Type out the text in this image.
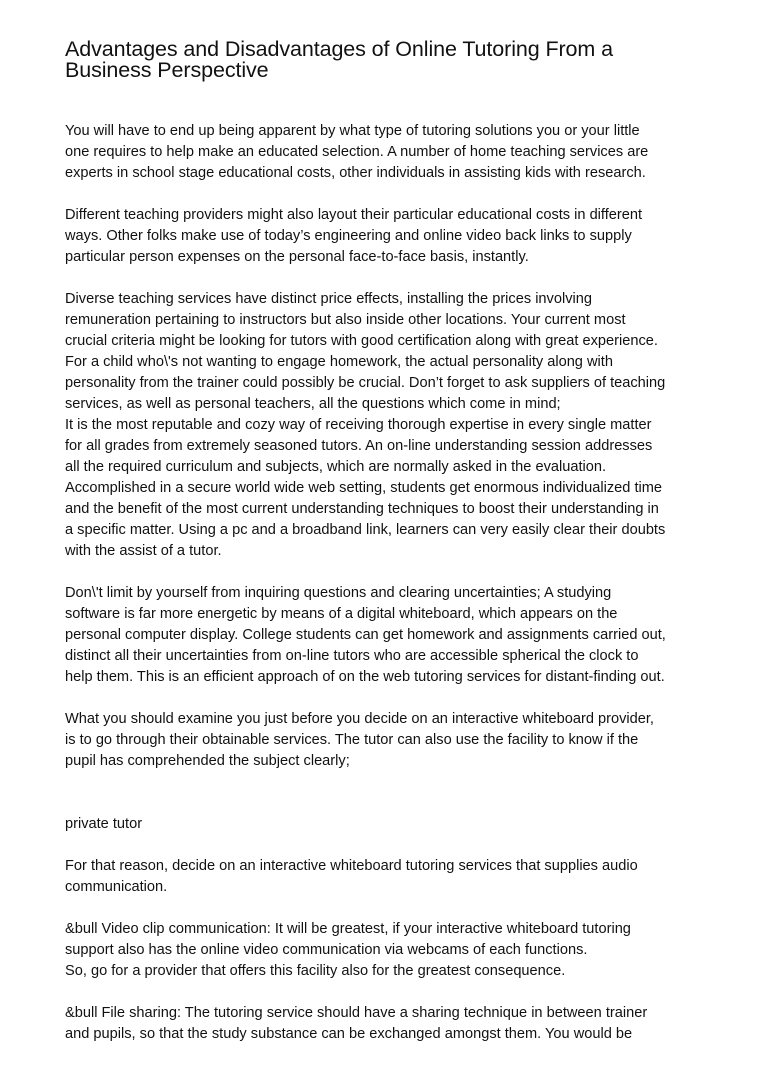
Advantages and Disadvantages of Online Tutoring From a
Business Perspective
You will have to end up being apparent by what type of tutoring solutions you or your little
one requires to help make an educated selection. A number of home teaching services are
experts in school stage educational costs, other individuals in assisting kids with research.
Different teaching providers might also layout their particular educational costs in different
ways. Other folks make use of today’s engineering and online video back links to supply
particular person expenses on the personal face-to-face basis, instantly.
Diverse teaching services have distinct price effects, installing the prices involving
remuneration pertaining to instructors but also inside other locations. Your current most
crucial criteria might be looking for tutors with good certification along with great experience.
For a child who\'s not wanting to engage homework, the actual personality along with
personality from the trainer could possibly be crucial. Don’t forget to ask suppliers of teaching
services, as well as personal teachers, all the questions which come in mind;
It is the most reputable and cozy way of receiving thorough expertise in every single matter
for all grades from extremely seasoned tutors. An on-line understanding session addresses
all the required curriculum and subjects, which are normally asked in the evaluation.
Accomplished in a secure world wide web setting, students get enormous individualized time
and the benefit of the most current understanding techniques to boost their understanding in
a specific matter. Using a pc and a broadband link, learners can very easily clear their doubts
with the assist of a tutor.
Don\'t limit by yourself from inquiring questions and clearing uncertainties; A studying
software is far more energetic by means of a digital whiteboard, which appears on the
personal computer display. College students can get homework and assignments carried out,
distinct all their uncertainties from on-line tutors who are accessible spherical the clock to
help them. This is an efficient approach of on the web tutoring services for distant-finding out.
What you should examine you just before you decide on an interactive whiteboard provider,
is to go through their obtainable services. The tutor can also use the facility to know if the
pupil has comprehended the subject clearly;
private tutor
For that reason, decide on an interactive whiteboard tutoring services that supplies audio
communication.
&bull Video clip communication: It will be greatest, if your interactive whiteboard tutoring
support also has the online video communication via webcams of each functions.
So, go for a provider that offers this facility also for the greatest consequence.
&bull File sharing: The tutoring service should have a sharing technique in between trainer
and pupils, so that the study substance can be exchanged amongst them. You would be
